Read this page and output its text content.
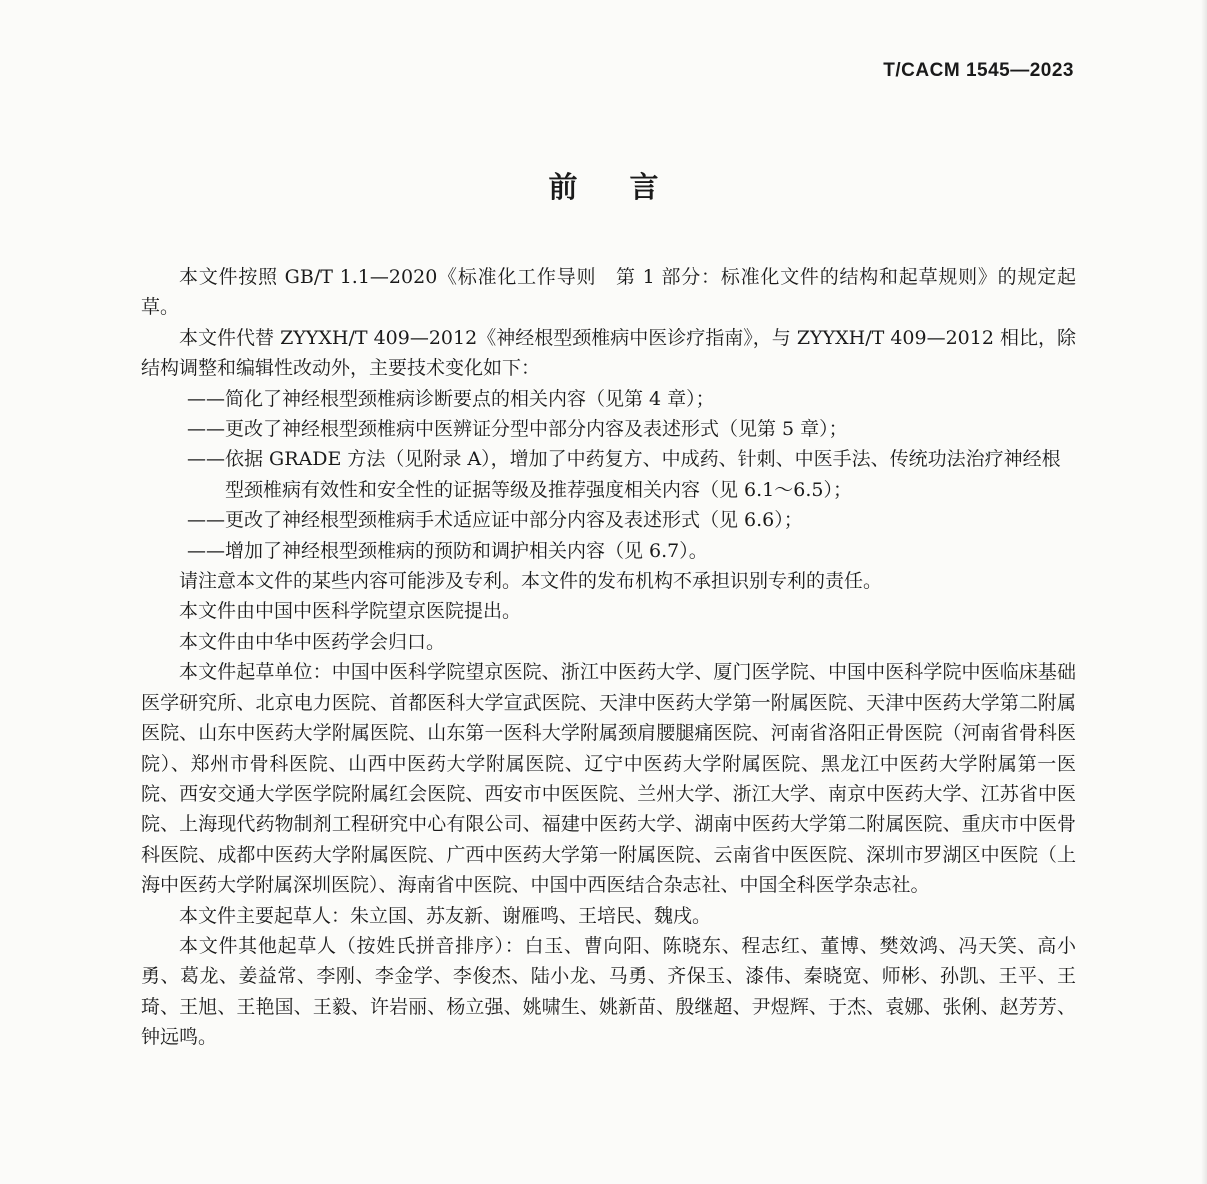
T/CACM 1545—2023
前言

本文件按照 GB/T 1.1—2020《标准化工作导则　第 1 部分：标准化文件的结构和起草规则》的规定起草。

本文件代替 ZYYXH/T 409—2012《神经根型颈椎病中医诊疗指南》，与 ZYYXH/T 409—2012 相比，除结构调整和编辑性改动外，主要技术变化如下：

——简化了神经根型颈椎病诊断要点的相关内容（见第 4 章）；

——更改了神经根型颈椎病中医辨证分型中部分内容及表述形式（见第 5 章）；

——依据 GRADE 方法（见附录 A），增加了中药复方、中成药、针刺、中医手法、传统功法治疗神经根型颈椎病有效性和安全性的证据等级及推荐强度相关内容（见 6.1～6.5）；

——更改了神经根型颈椎病手术适应证中部分内容及表述形式（见 6.6）；

——增加了神经根型颈椎病的预防和调护相关内容（见 6.7）。

请注意本文件的某些内容可能涉及专利。本文件的发布机构不承担识别专利的责任。

本文件由中国中医科学院望京医院提出。

本文件由中华中医药学会归口。

本文件起草单位：中国中医科学院望京医院、浙江中医药大学、厦门医学院、中国中医科学院中医临床基础医学研究所、北京电力医院、首都医科大学宣武医院、天津中医药大学第一附属医院、天津中医药大学第二附属医院、山东中医药大学附属医院、山东第一医科大学附属颈肩腰腿痛医院、河南省洛阳正骨医院（河南省骨科医院）、郑州市骨科医院、山西中医药大学附属医院、辽宁中医药大学附属医院、黑龙江中医药大学附属第一医院、西安交通大学医学院附属红会医院、西安市中医医院、兰州大学、浙江大学、南京中医药大学、江苏省中医院、上海现代药物制剂工程研究中心有限公司、福建中医药大学、湖南中医药大学第二附属医院、重庆市中医骨科医院、成都中医药大学附属医院、广西中医药大学第一附属医院、云南省中医医院、深圳市罗湖区中医院（上海中医药大学附属深圳医院）、海南省中医院、中国中西医结合杂志社、中国全科医学杂志社。

本文件主要起草人：朱立国、苏友新、谢雁鸣、王培民、魏戌。

本文件其他起草人（按姓氏拼音排序）：白玉、曹向阳、陈晓东、程志红、董博、樊效鸿、冯天笑、高小勇、葛龙、姜益常、李刚、李金学、李俊杰、陆小龙、马勇、齐保玉、漆伟、秦晓宽、师彬、孙凯、王平、王琦、王旭、王艳国、王毅、许岩丽、杨立强、姚啸生、姚新苗、殷继超、尹煜辉、于杰、袁娜、张俐、赵芳芳、钟远鸣。
